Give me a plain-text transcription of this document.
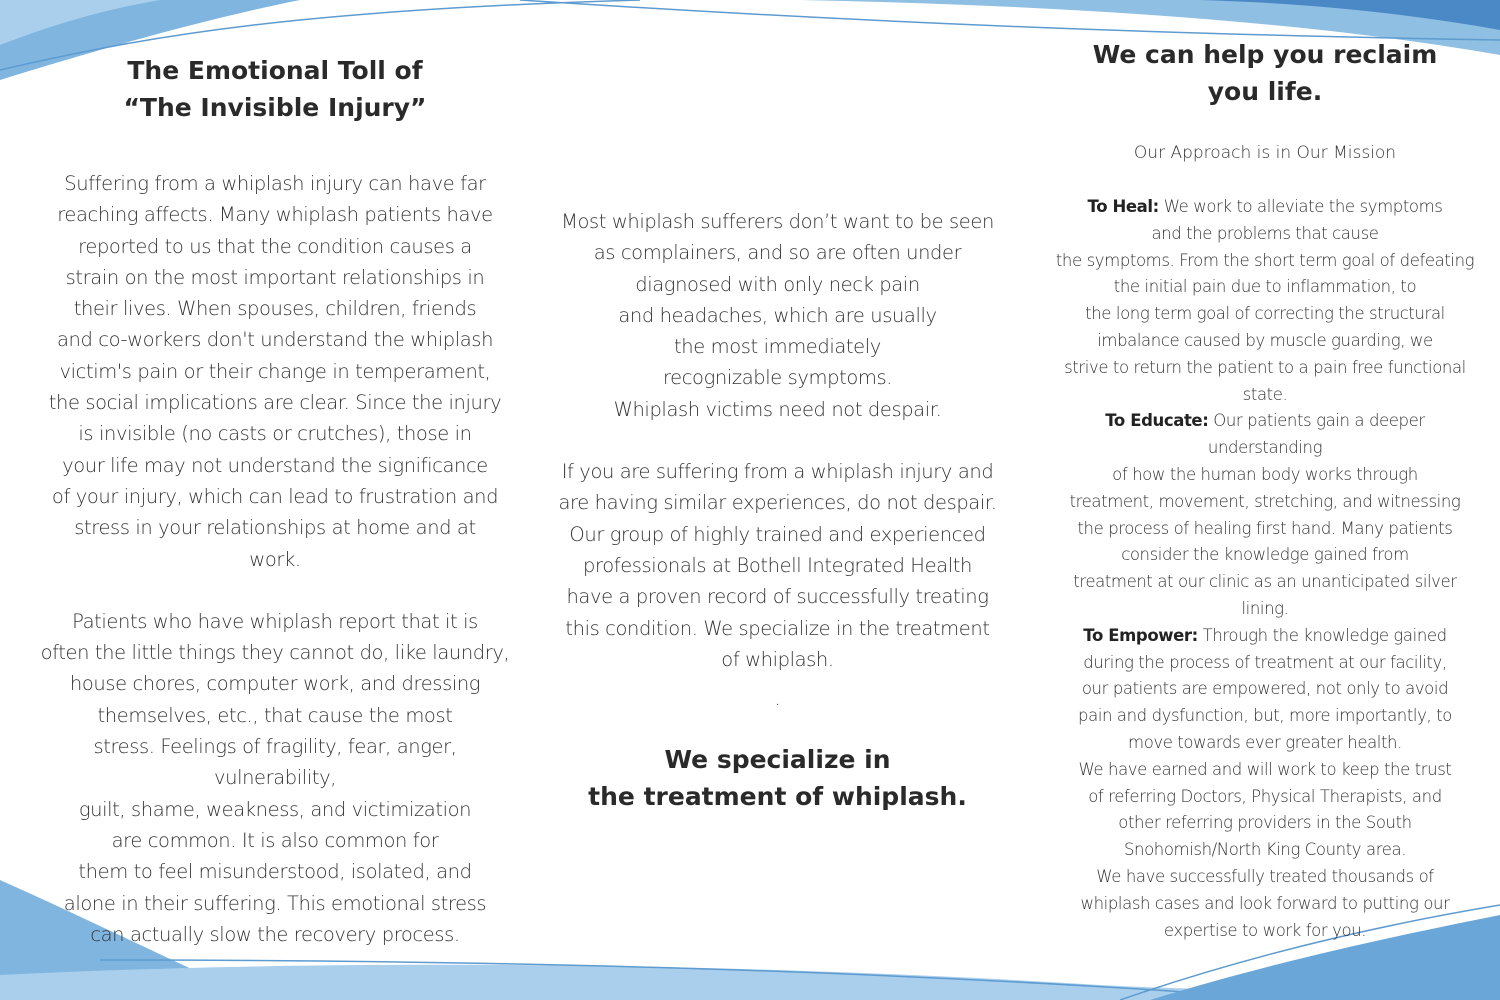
The Emotional Toll of
“The Invisible Injury”

Suffering from a whiplash injury can have far
reaching affects. Many whiplash patients have
reported to us that the condition causes a
strain on the most important relationships in
their lives. When spouses, children, friends
and co-workers don't understand the whiplash
victim's pain or their change in temperament,
the social implications are clear. Since the injury
is invisible (no casts or crutches), those in
your life may not understand the significance
of your injury, which can lead to frustration and
stress in your relationships at home and at
work.

Patients who have whiplash report that it is
often the little things they cannot do, like laundry,
house chores, computer work, and dressing
themselves, etc., that cause the most
stress. Feelings of fragility, fear, anger, vulnerability,
guilt, shame, weakness, and victimization
are common. It is also common for
them to feel misunderstood, isolated, and
alone in their suffering. This emotional stress
can actually slow the recovery process.

Most whiplash sufferers don’t want to be seen
as complainers, and so are often under
diagnosed with only neck pain
and headaches, which are usually
the most immediately
recognizable symptoms.
Whiplash victims need not despair.

If you are suffering from a whiplash injury and
are having similar experiences, do not despair.
Our group of highly trained and experienced
professionals at Bothell Integrated Health
have a proven record of successfully treating
this condition. We specialize in the treatment
of whiplash.

.

We specialize in
the treatment of whiplash.
We can help you reclaim
you life.

Our Approach is in Our Mission

To Heal: We work to alleviate the symptoms
and the problems that cause
the symptoms. From the short term goal of defeating
the initial pain due to inflammation, to
the long term goal of correcting the structural
imbalance caused by muscle guarding, we
strive to return the patient to a pain free functional
state.

To Educate: Our patients gain a deeper
understanding
of how the human body works through
treatment, movement, stretching, and witnessing
the process of healing first hand. Many patients
consider the knowledge gained from
treatment at our clinic as an unanticipated silver
lining.

To Empower: Through the knowledge gained
during the process of treatment at our facility,
our patients are empowered, not only to avoid
pain and dysfunction, but, more importantly, to
move towards ever greater health.

We have earned and will work to keep the trust
of referring Doctors, Physical Therapists, and
other referring providers in the South
Snohomish/North King County area.

We have successfully treated thousands of
whiplash cases and look forward to putting our
expertise to work for you.
